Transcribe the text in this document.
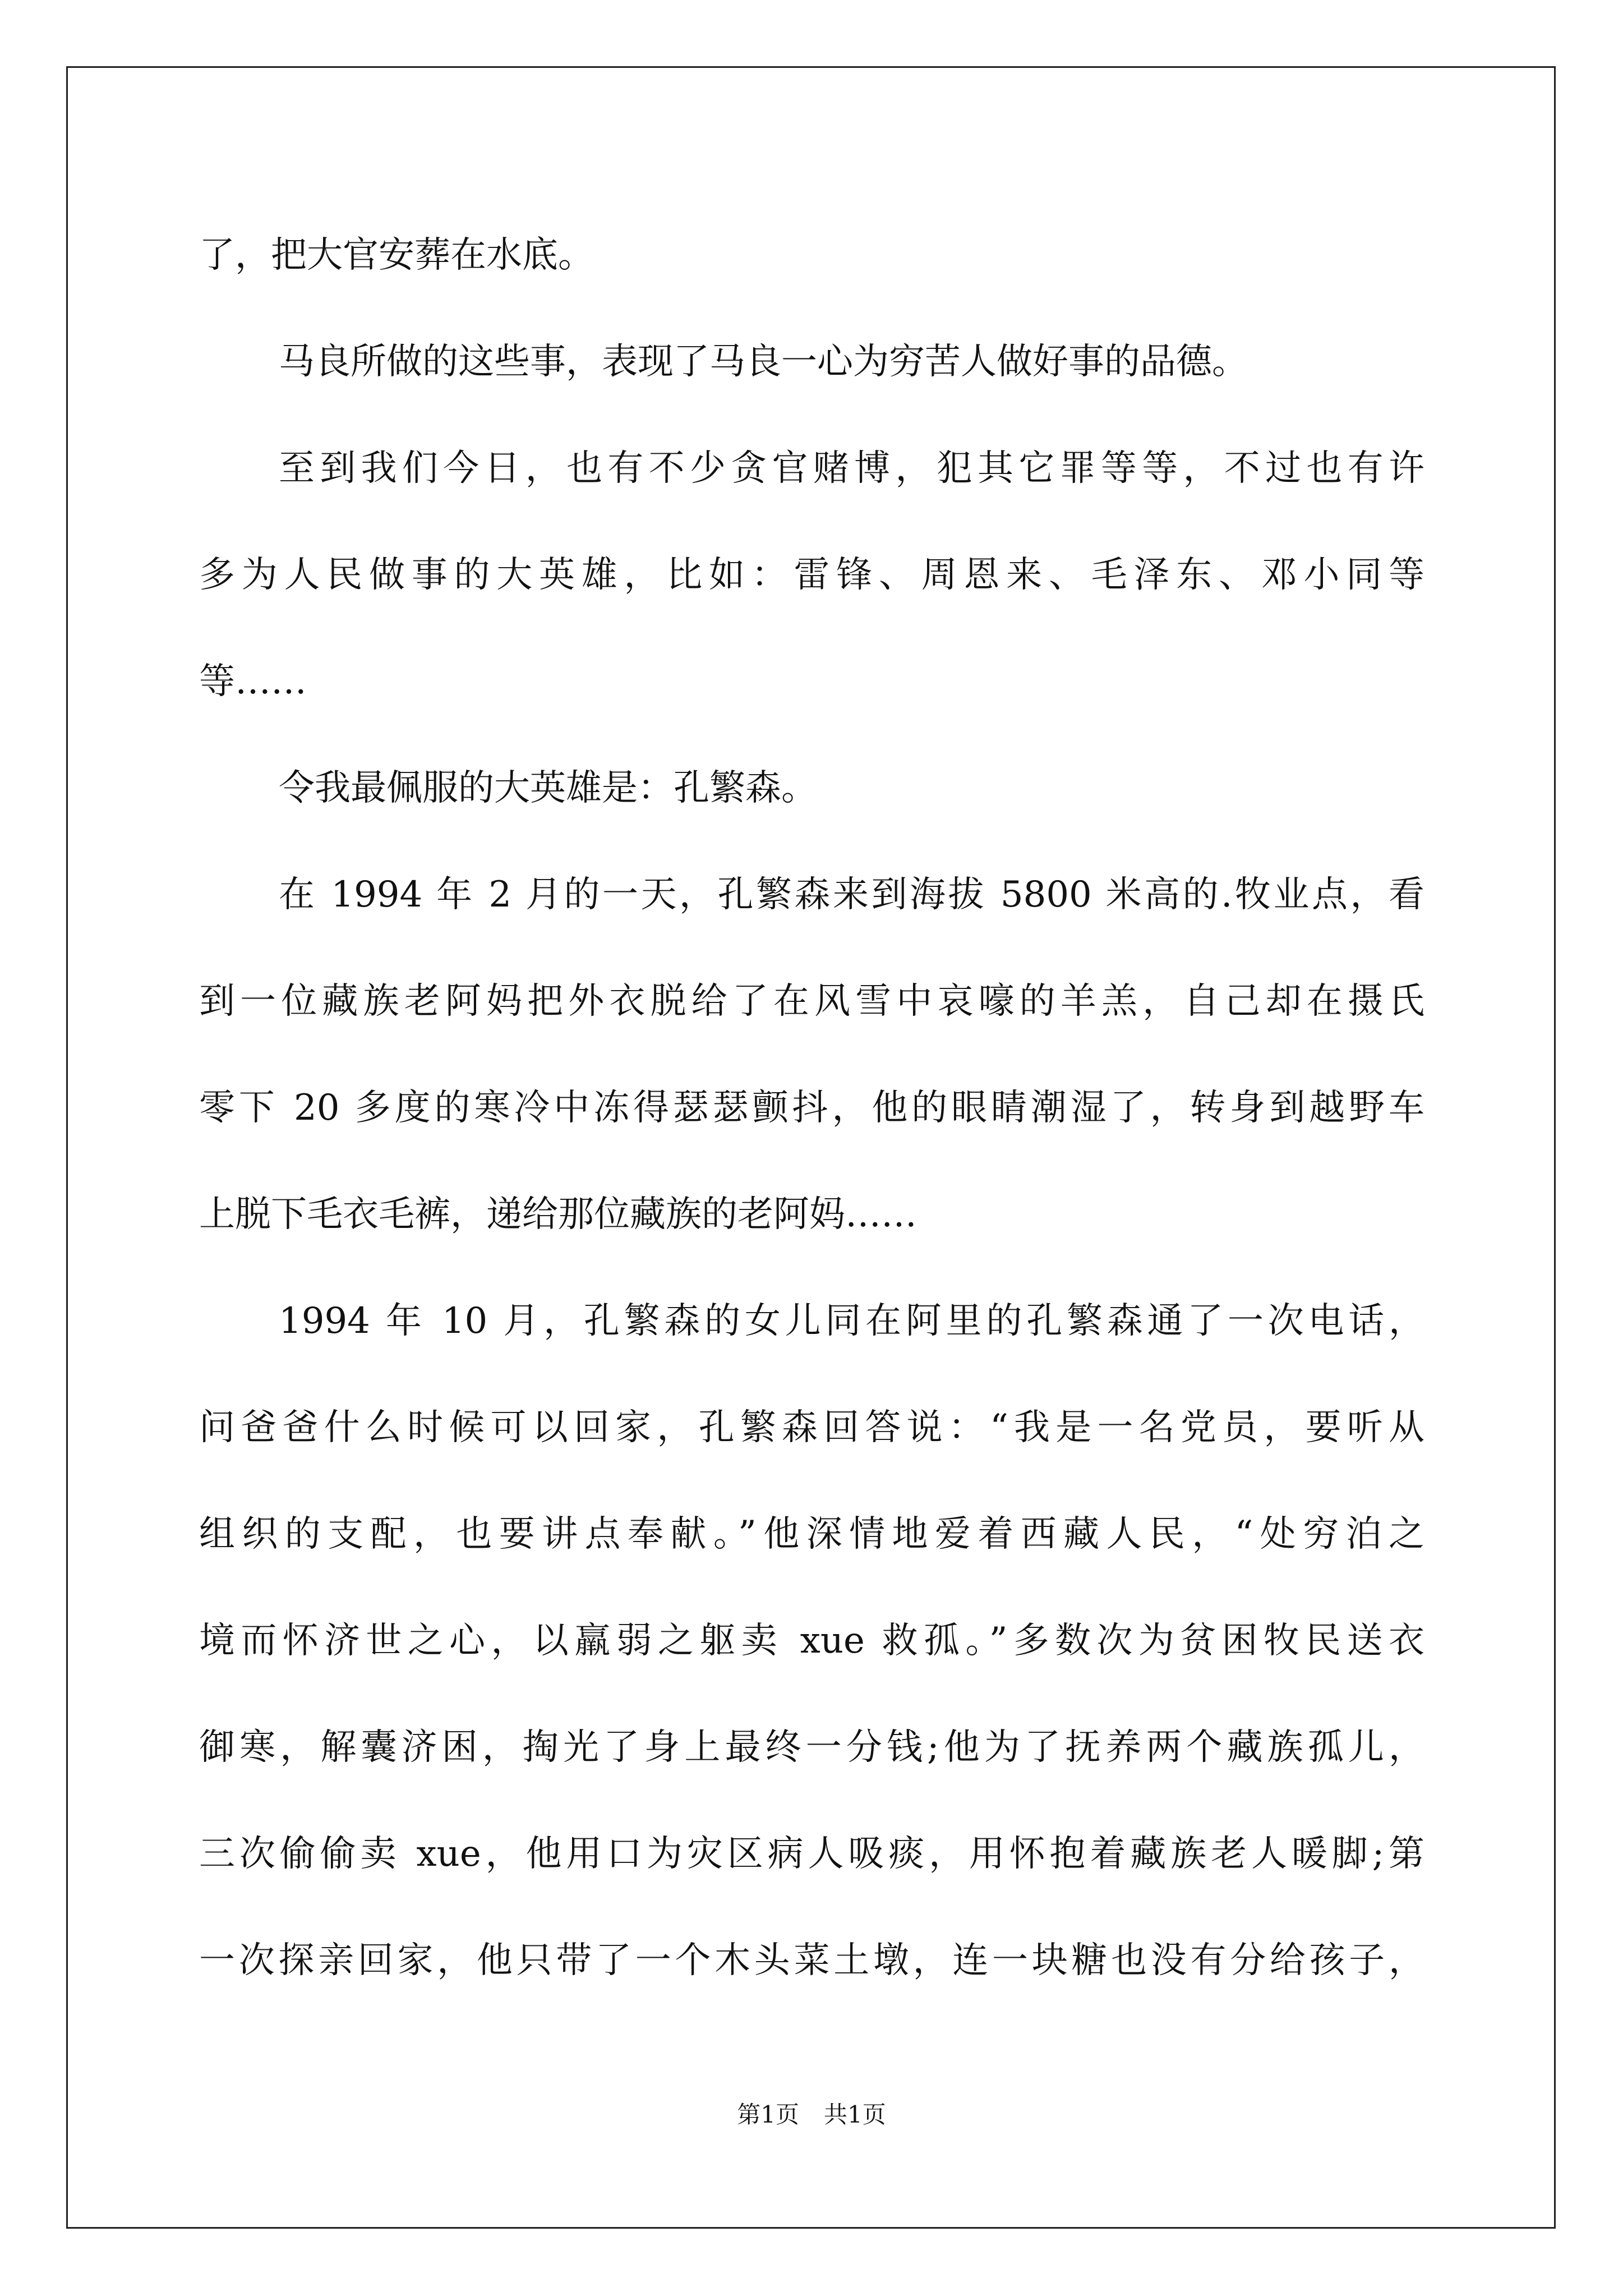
了，把大官安葬在水底。
马良所做的这些事，表现了马良一心为穷苦人做好事的品德。
至到我们今日，也有不少贪官赌博，犯其它罪等等，不过也有许
多为人民做事的大英雄，比如：雷锋、周恩来、毛泽东、邓小同等
等……
令我最佩服的大英雄是：孔繁森。
在 1994 年 2 月的一天，孔繁森来到海拔 5800 米高的.牧业点，看
到一位藏族老阿妈把外衣脱给了在风雪中哀嚎的羊羔，自己却在摄氏
零下 20 多度的寒冷中冻得瑟瑟颤抖，他的眼睛潮湿了，转身到越野车
上脱下毛衣毛裤，递给那位藏族的老阿妈……
1994 年 10 月，孔繁森的女儿同在阿里的孔繁森通了一次电话，
问爸爸什么时候可以回家，孔繁森回答说：“我是一名党员，要听从
组织的支配，也要讲点奉献。”他深情地爱着西藏人民，“处穷泊之
境而怀济世之心，以羸弱之躯卖 xue 救孤。”多数次为贫困牧民送衣
御寒，解囊济困，掏光了身上最终一分钱;他为了抚养两个藏族孤儿，
三次偷偷卖 xue，他用口为灾区病人吸痰，用怀抱着藏族老人暖脚;第
一次探亲回家，他只带了一个木头菜土墩，连一块糖也没有分给孩子，
第1页 共1页
